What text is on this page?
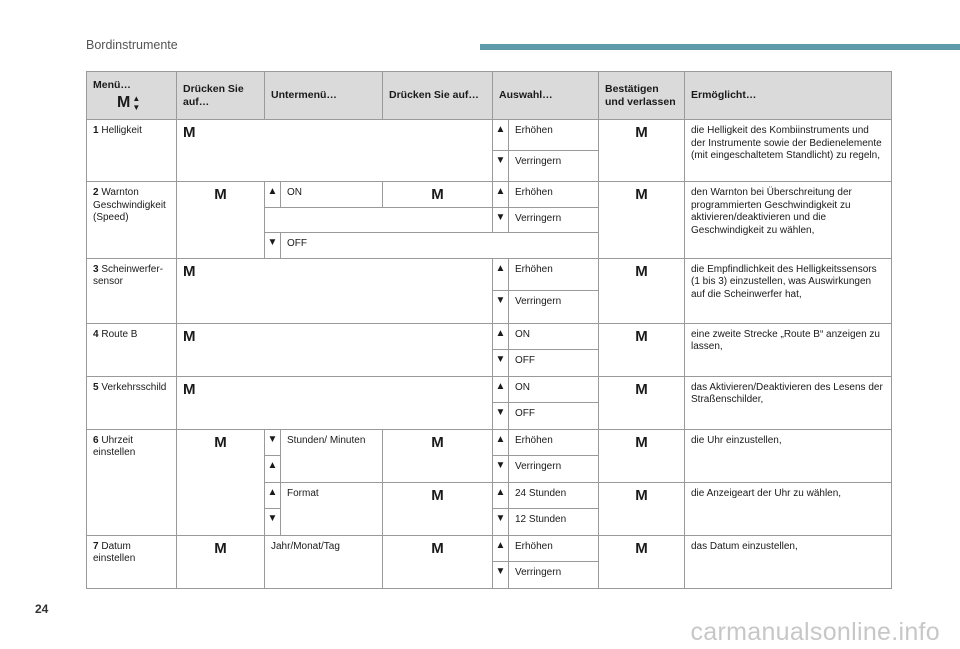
Bordinstrumente
Menü…
M ▲
▼	Drücken Sie auf…	Untermenü…		Drücken Sie auf…	Auswahl…		Bestätigen und verlassen	Ermöglicht…
1 Helligkeit	M				▲	Erhöhen	M	die Helligkeit des Kombiinstruments und der Instrumente sowie der Bedienelemente (mit eingeschaltetem Standlicht) zu regeln,
					▼	Verringern		
2 Warnton Geschwindigkeit (Speed)	M	▲	ON	M	▲	Erhöhen	M	den Warnton bei Überschreitung der programmierten Geschwindigkeit zu aktivieren/deaktivieren und die Geschwindigkeit zu wählen,
					▼	Verringern		
		▼	OFF					
3 Scheinwerfer-sensor	M				▲	Erhöhen	M	die Empfindlichkeit des Helligkeitssensors (1 bis 3) einzustellen, was Auswirkungen auf die Scheinwerfer hat,
					▼	Verringern		
4 Route B	M				▲	ON	M	eine zweite Strecke „Route B“ anzeigen zu lassen,
					▼	OFF		
5 Verkehrsschild	M				▲	ON	M	das Aktivieren/Deaktivieren des Lesens der Straßenschilder,
					▼	OFF		
6 Uhrzeit einstellen	M	▼	Stunden/ Minuten	M	▲	Erhöhen	M	die Uhr einzustellen,
		▲			▼	Verringern		
		▲	Format	M	▲	24 Stunden	M	die Anzeigeart der Uhr zu wählen,
		▼			▼	12 Stunden		
7 Datum einstellen	M	Jahr/Monat/Tag		M	▲	Erhöhen	M	das Datum einzustellen,
					▼	Verringern		
24
carmanualsonline.info
